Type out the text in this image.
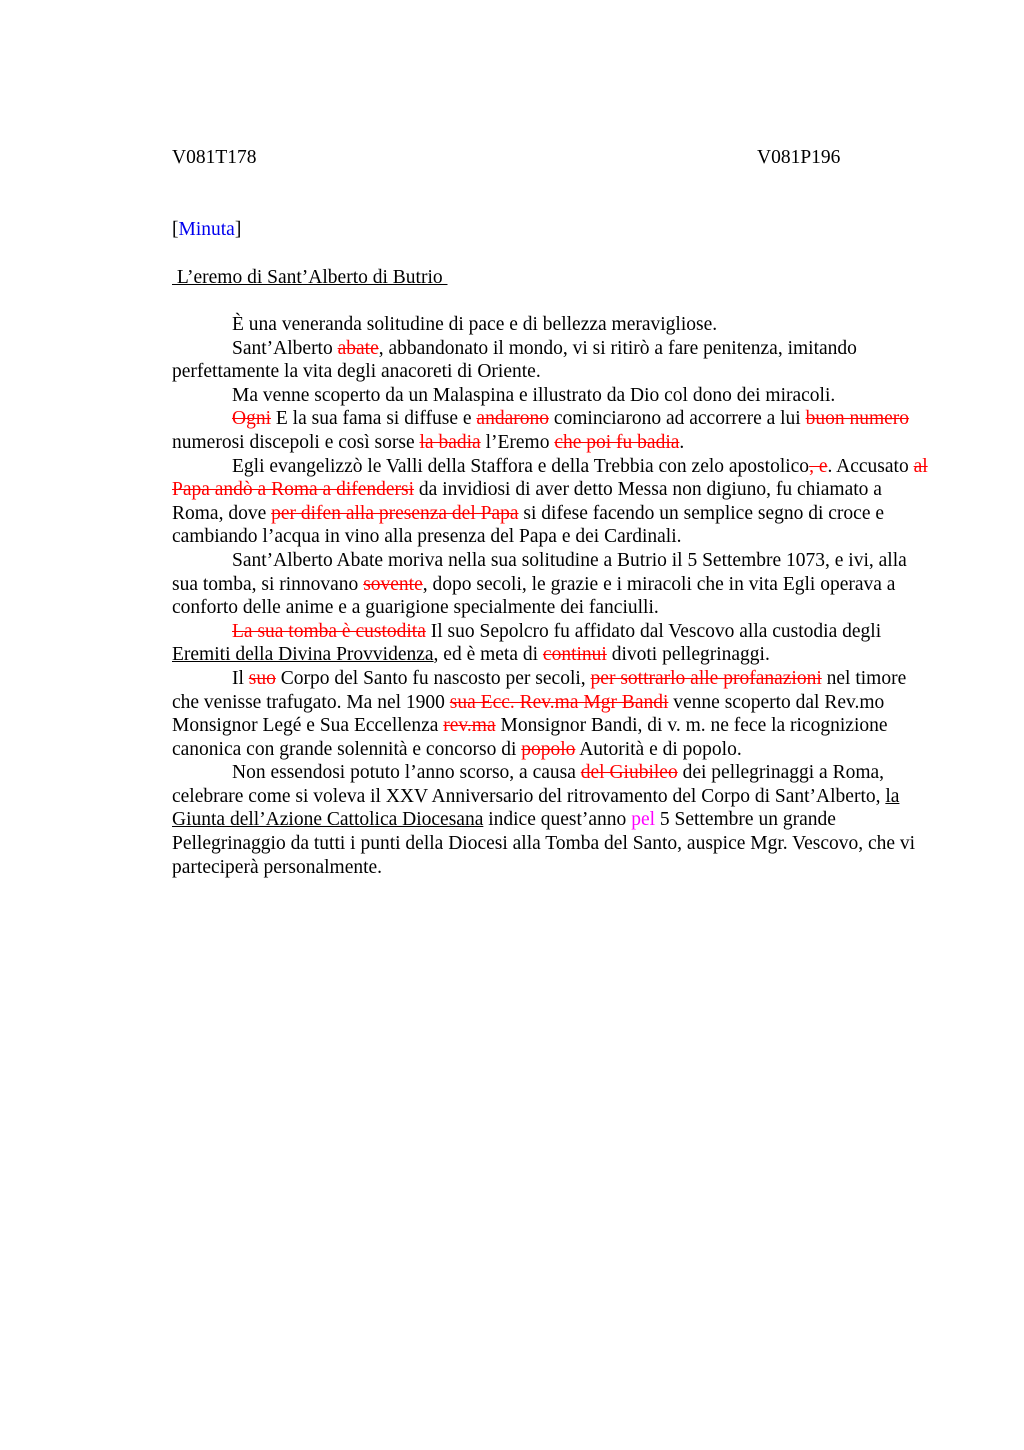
V081T178	V081P196
[Minuta]
L’eremo di Sant’Alberto di Butrio

È una veneranda solitudine di pace e di bellezza meravigliose.

Sant’Alberto abate, abbandonato il mondo, vi si ritirò a fare penitenza, imitando perfettamente la vita degli anacoreti di Oriente.

Ma venne scoperto da un Malaspina e illustrato da Dio col dono dei miracoli.

Ogni E la sua fama si diffuse e andarono cominciarono ad accorrere a lui buon numero numerosi discepoli e così sorse la badia l’Eremo che poi fu badia.

Egli evangelizzò le Valli della Staffora e della Trebbia con zelo apostolico, e. Accusato al Papa andò a Roma a difendersi da invidiosi di aver detto Messa non digiuno, fu chiamato a Roma, dove per difen alla presenza del Papa si difese facendo un semplice segno di croce e cambiando l’acqua in vino alla presenza del Papa e dei Cardinali.

Sant’Alberto Abate moriva nella sua solitudine a Butrio il 5 Settembre 1073, e ivi, alla sua tomba, si rinnovano sovente, dopo secoli, le grazie e i miracoli che in vita Egli operava a conforto delle anime e a guarigione specialmente dei fanciulli.

La sua tomba è custodita Il suo Sepolcro fu affidato dal Vescovo alla custodia degli Eremiti della Divina Provvidenza, ed è meta di continui divoti pellegrinaggi.

Il suo Corpo del Santo fu nascosto per secoli, per sottrarlo alle profanazioni nel timore che venisse trafugato. Ma nel 1900 sua Ecc. Rev.ma Mgr Bandi venne scoperto dal Rev.mo Monsignor Legé e Sua Eccellenza rev.ma Monsignor Bandi, di v. m. ne fece la ricognizione canonica con grande solennità e concorso di popolo Autorità e di popolo.

Non essendosi potuto l’anno scorso, a causa del Giubileo dei pellegrinaggi a Roma, celebrare come si voleva il XXV Anniversario del ritrovamento del Corpo di Sant’Alberto, la Giunta dell’Azione Cattolica Diocesana indice quest’anno pel 5 Settembre un grande Pellegrinaggio da tutti i punti della Diocesi alla Tomba del Santo, auspice Mgr. Vescovo, che vi parteciperà personalmente.
